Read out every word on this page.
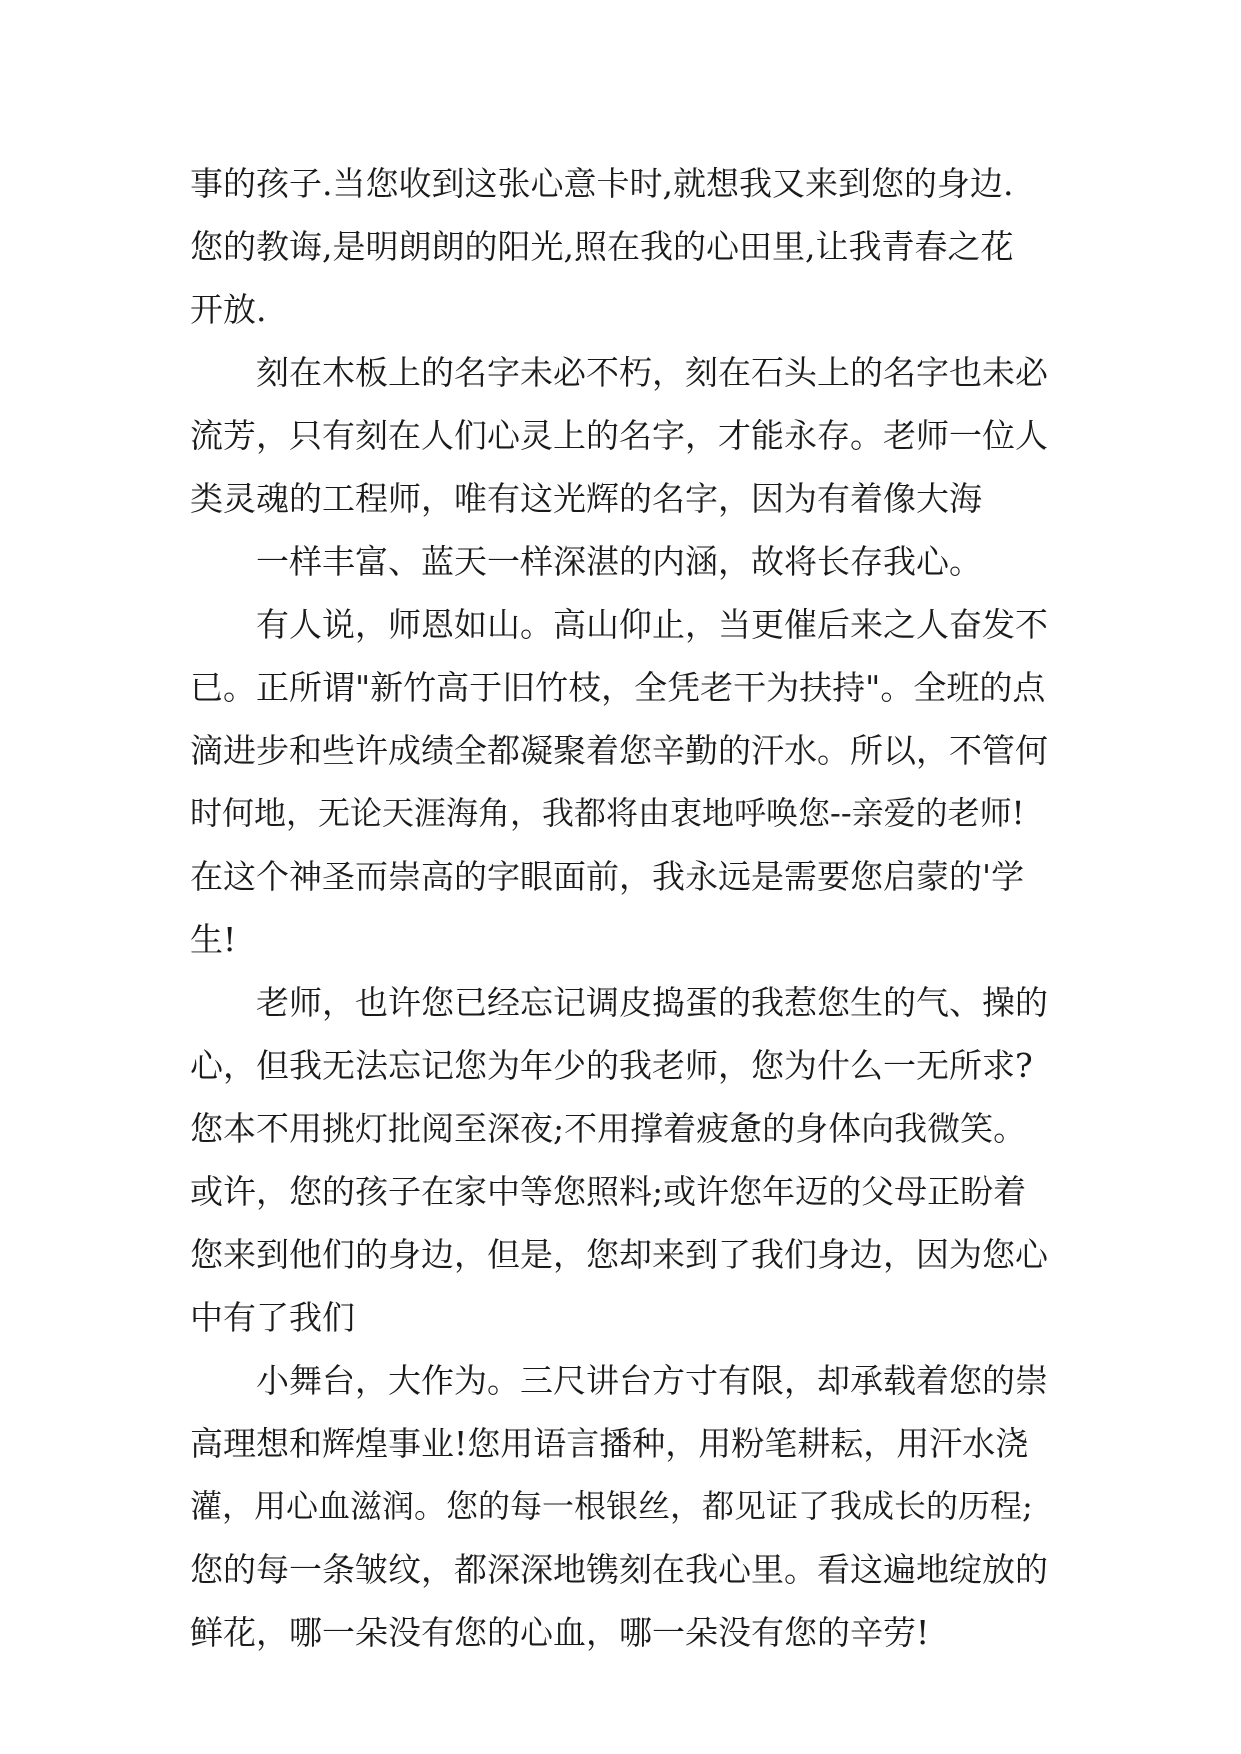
事的孩子.当您收到这张心意卡时,就想我又来到您的身边.
您的教诲,是明朗朗的阳光,照在我的心田里,让我青春之花
开放.
刻在木板上的名字未必不朽，刻在石头上的名字也未必
流芳，只有刻在人们心灵上的名字，才能永存。老师一位人
类灵魂的工程师，唯有这光辉的名字，因为有着像大海
一样丰富、蓝天一样深湛的内涵，故将长存我心。
有人说，师恩如山。高山仰止，当更催后来之人奋发不
已。正所谓"新竹高于旧竹枝，全凭老干为扶持"。全班的点
滴进步和些许成绩全都凝聚着您辛勤的汗水。所以，不管何
时何地，无论天涯海角，我都将由衷地呼唤您--亲爱的老师!
在这个神圣而崇高的字眼面前，我永远是需要您启蒙的'学
生!
老师，也许您已经忘记调皮捣蛋的我惹您生的气、操的
心，但我无法忘记您为年少的我老师，您为什么一无所求?
您本不用挑灯批阅至深夜;不用撑着疲惫的身体向我微笑。
或许，您的孩子在家中等您照料;或许您年迈的父母正盼着
您来到他们的身边，但是，您却来到了我们身边，因为您心
中有了我们
小舞台，大作为。三尺讲台方寸有限，却承载着您的崇
高理想和辉煌事业!您用语言播种，用粉笔耕耘，用汗水浇
灌，用心血滋润。您的每一根银丝，都见证了我成长的历程;
您的每一条皱纹，都深深地镌刻在我心里。看这遍地绽放的
鲜花，哪一朵没有您的心血，哪一朵没有您的辛劳!
